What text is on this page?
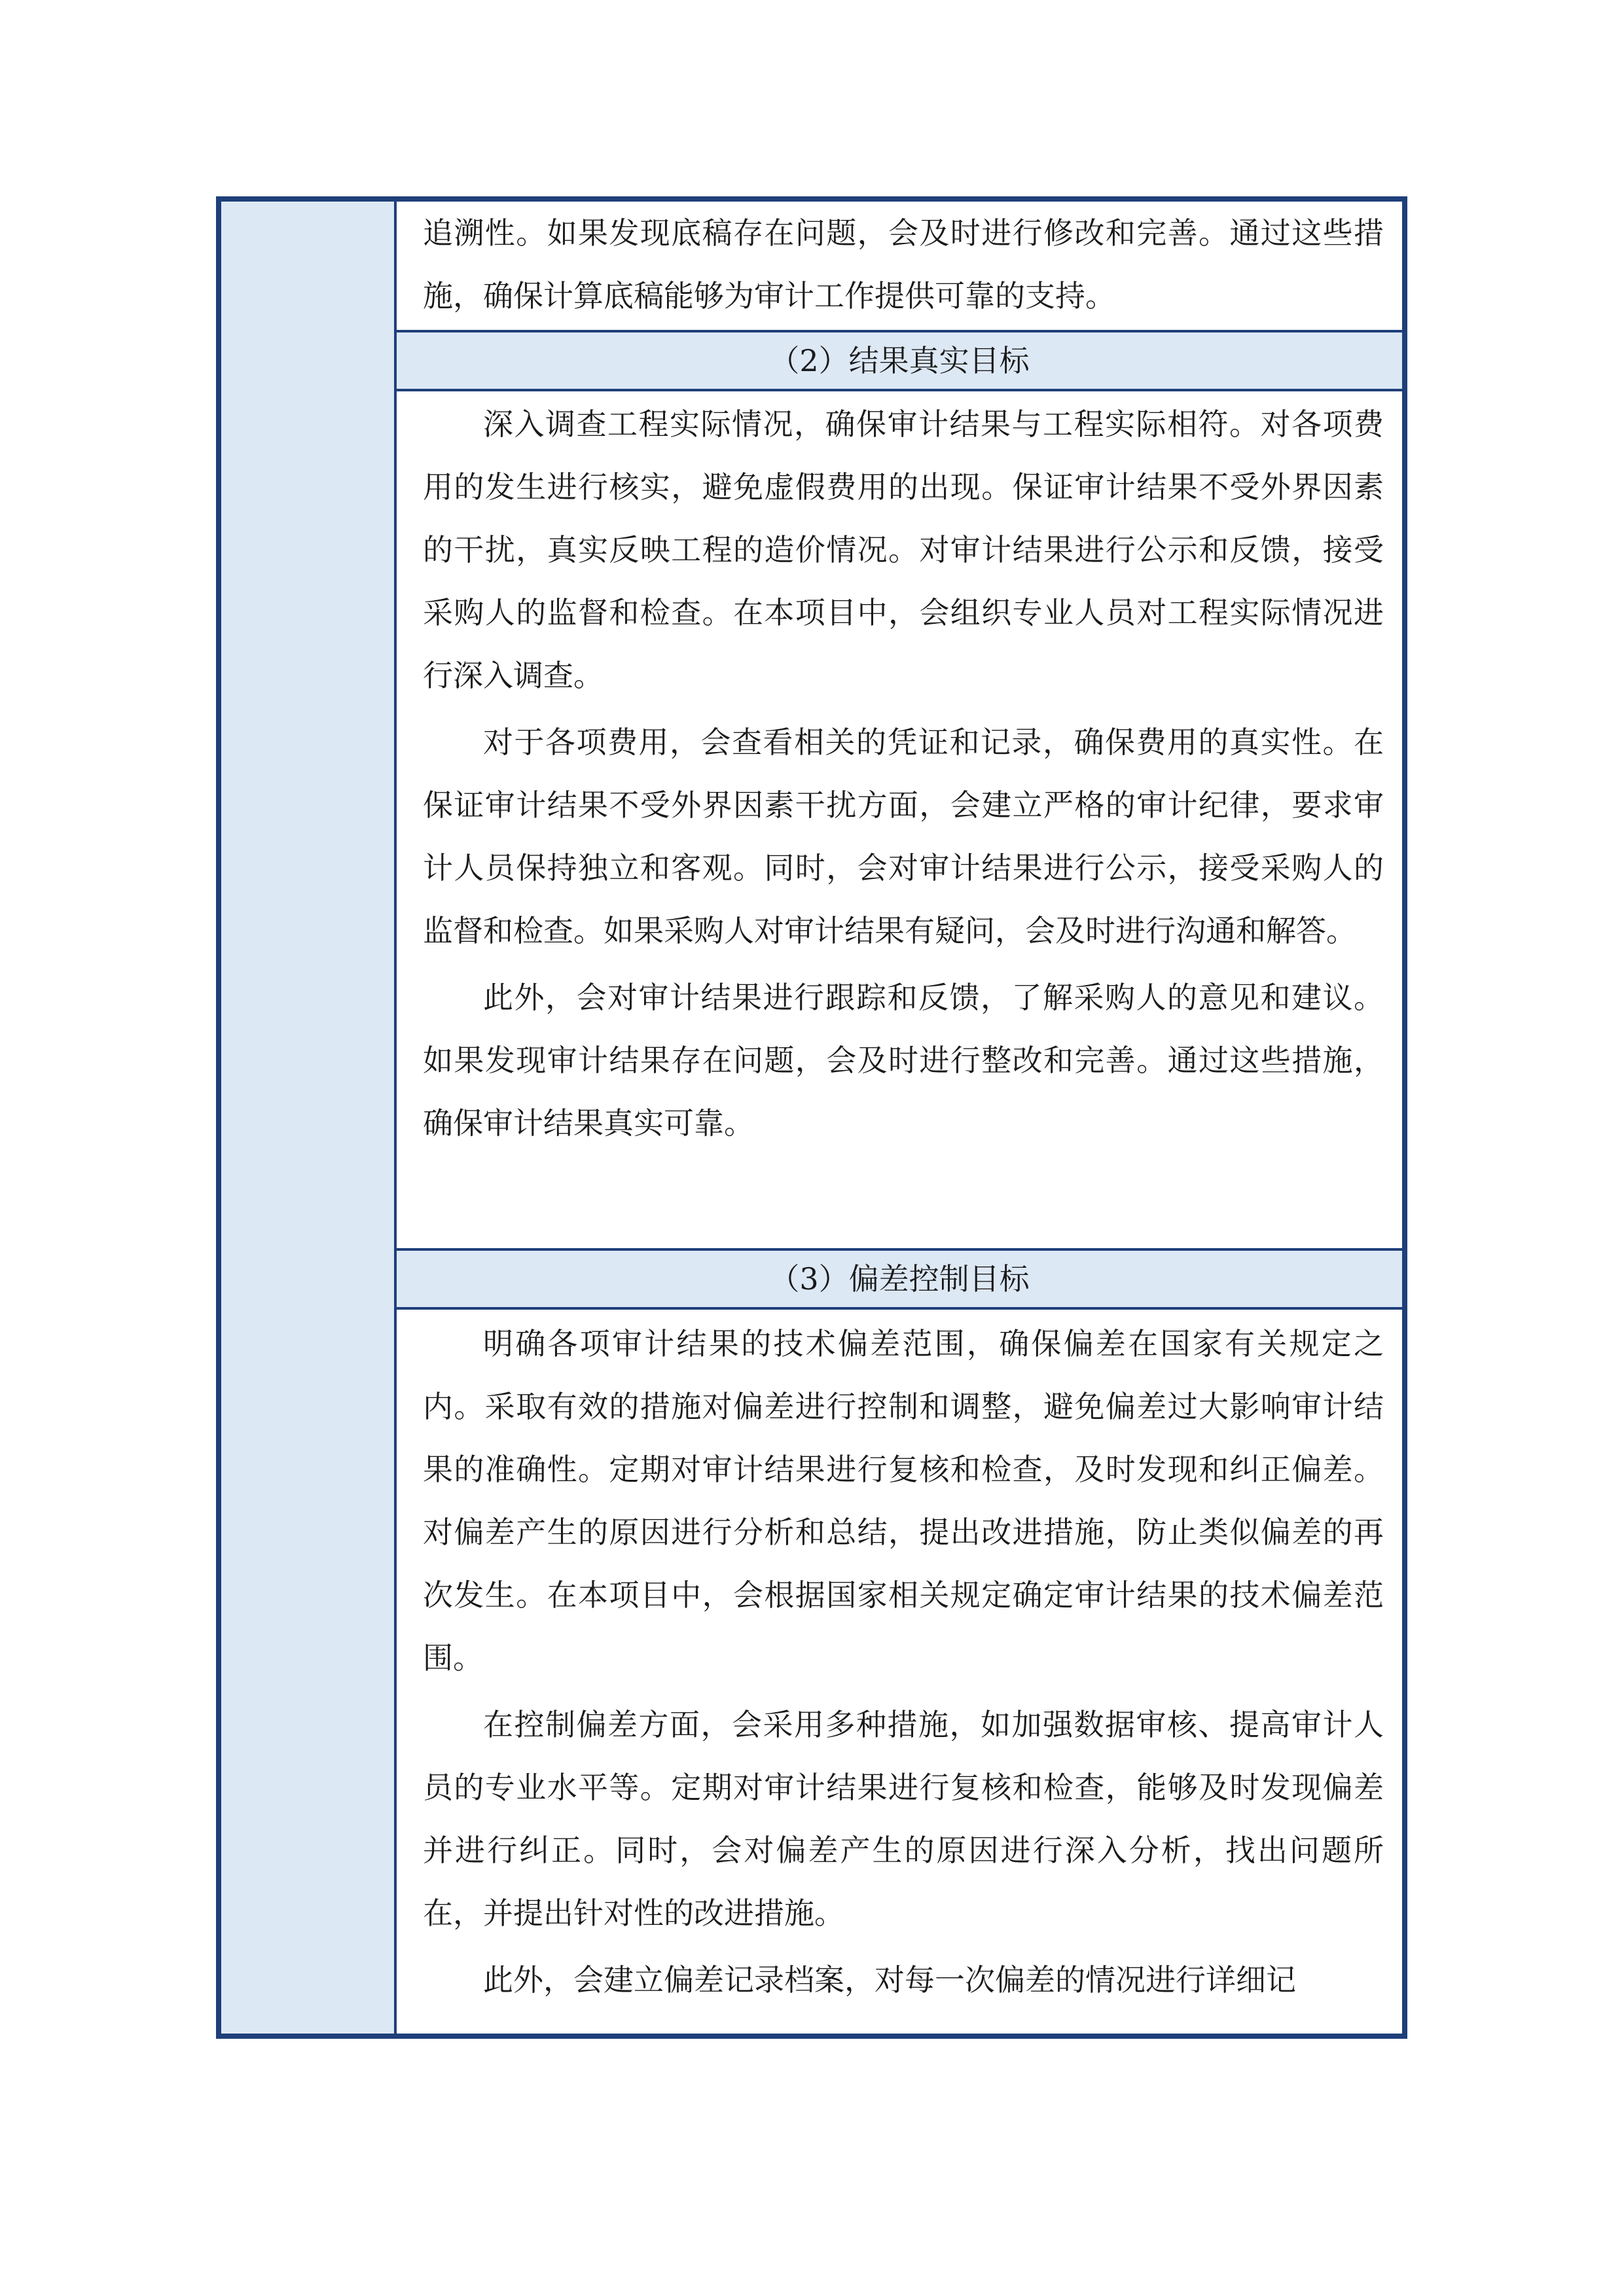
追溯性。如果发现底稿存在问题，会及时进行修改和完善。通过这些措施，确保计算底稿能够为审计工作提供可靠的支持。

（2）结果真实目标

深入调查工程实际情况，确保审计结果与工程实际相符。对各项费用的发生进行核实，避免虚假费用的出现。保证审计结果不受外界因素的干扰，真实反映工程的造价情况。对审计结果进行公示和反馈，接受采购人的监督和检查。在本项目中，会组织专业人员对工程实际情况进行深入调查。

对于各项费用，会查看相关的凭证和记录，确保费用的真实性。在保证审计结果不受外界因素干扰方面，会建立严格的审计纪律，要求审计人员保持独立和客观。同时，会对审计结果进行公示，接受采购人的监督和检查。如果采购人对审计结果有疑问，会及时进行沟通和解答。

此外，会对审计结果进行跟踪和反馈，了解采购人的意见和建议。如果发现审计结果存在问题，会及时进行整改和完善。通过这些措施，确保审计结果真实可靠。

（3）偏差控制目标

明确各项审计结果的技术偏差范围，确保偏差在国家有关规定之内。采取有效的措施对偏差进行控制和调整，避免偏差过大影响审计结果的准确性。定期对审计结果进行复核和检查，及时发现和纠正偏差。对偏差产生的原因进行分析和总结，提出改进措施，防止类似偏差的再次发生。在本项目中，会根据国家相关规定确定审计结果的技术偏差范围。

在控制偏差方面，会采用多种措施，如加强数据审核、提高审计人员的专业水平等。定期对审计结果进行复核和检查，能够及时发现偏差并进行纠正。同时，会对偏差产生的原因进行深入分析，找出问题所在，并提出针对性的改进措施。

此外，会建立偏差记录档案，对每一次偏差的情况进行详细记
